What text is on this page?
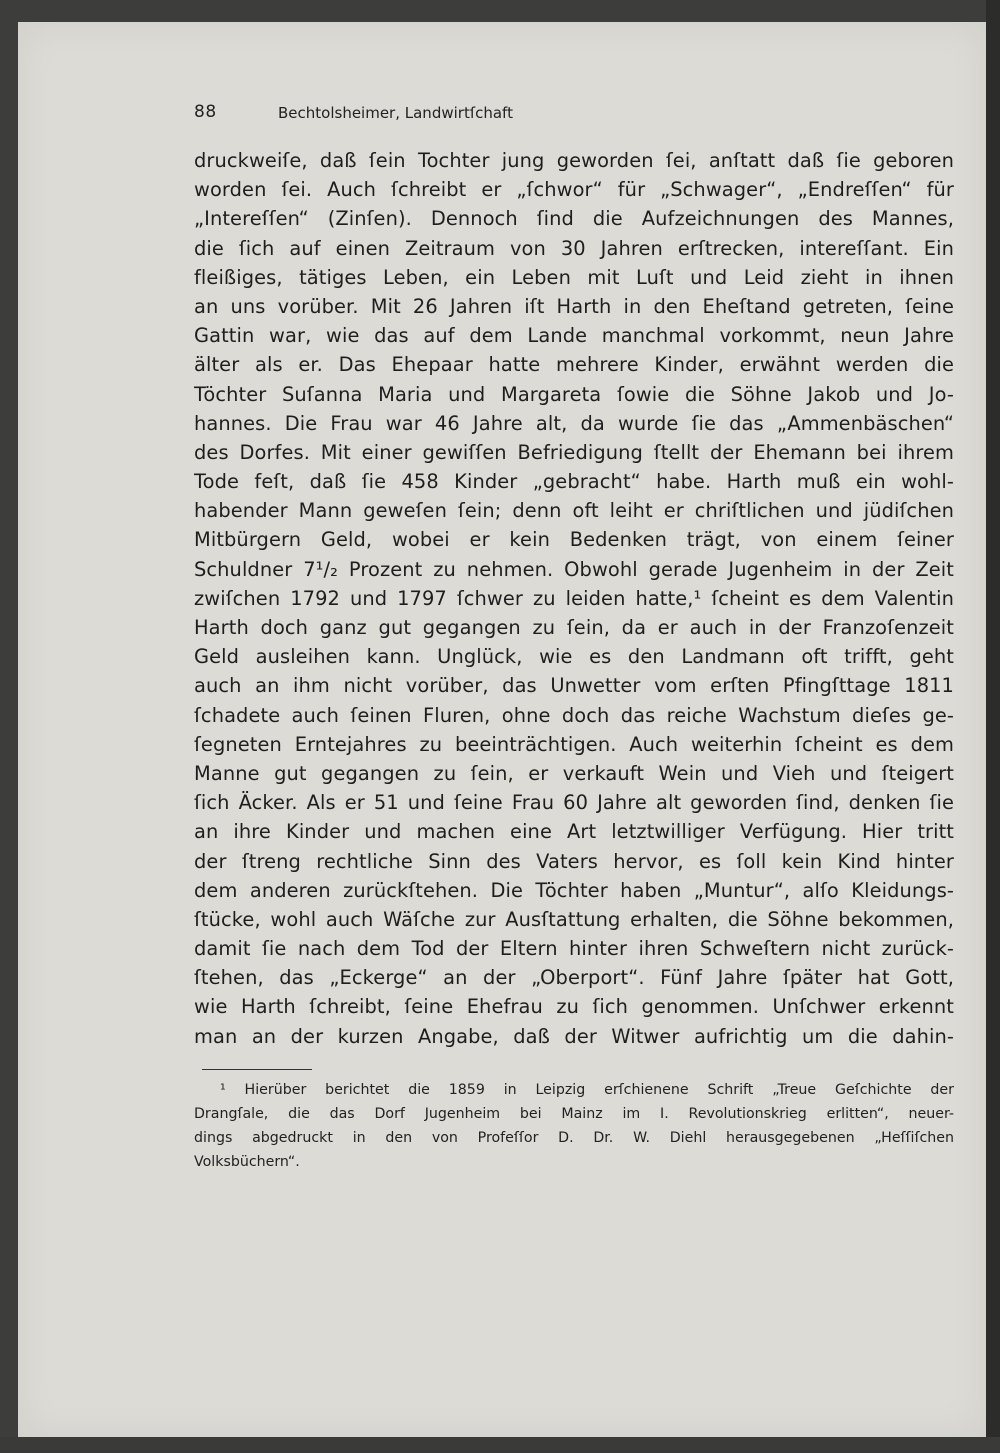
88	Bechtolsheimer, Landwirtſchaft
druckweiſe, daß ſein Tochter jung geworden ſei, anſtatt daß ſie geboren
worden ſei. Auch ſchreibt er „ſchwor“ für „Schwager“, „Endreſſen“ für
„Intereſſen“ (Zinſen). Dennoch ſind die Aufzeichnungen des Mannes,
die ſich auf einen Zeitraum von 30 Jahren erſtrecken, intereſſant. Ein
fleißiges, tätiges Leben, ein Leben mit Luſt und Leid zieht in ihnen
an uns vorüber. Mit 26 Jahren iſt Harth in den Eheſtand getreten, ſeine
Gattin war, wie das auf dem Lande manchmal vorkommt, neun Jahre
älter als er. Das Ehepaar hatte mehrere Kinder, erwähnt werden die
Töchter Suſanna Maria und Margareta ſowie die Söhne Jakob und Jo-
hannes. Die Frau war 46 Jahre alt, da wurde ſie das „Ammenbäschen“
des Dorfes. Mit einer gewiſſen Befriedigung ſtellt der Ehemann bei ihrem
Tode feſt, daß ſie 458 Kinder „gebracht“ habe. Harth muß ein wohl-
habender Mann geweſen ſein; denn oft leiht er chriſtlichen und jüdiſchen
Mitbürgern Geld, wobei er kein Bedenken trägt, von einem ſeiner
Schuldner 7¹/₂ Prozent zu nehmen. Obwohl gerade Jugenheim in der Zeit
zwiſchen 1792 und 1797 ſchwer zu leiden hatte,¹ ſcheint es dem Valentin
Harth doch ganz gut gegangen zu ſein, da er auch in der Franzoſenzeit
Geld ausleihen kann. Unglück, wie es den Landmann oft trifft, geht
auch an ihm nicht vorüber, das Unwetter vom erſten Pfingſttage 1811
ſchadete auch ſeinen Fluren, ohne doch das reiche Wachstum dieſes ge-
ſegneten Erntejahres zu beeinträchtigen. Auch weiterhin ſcheint es dem
Manne gut gegangen zu ſein, er verkauft Wein und Vieh und ſteigert
ſich Äcker. Als er 51 und ſeine Frau 60 Jahre alt geworden ſind, denken ſie
an ihre Kinder und machen eine Art letztwilliger Verfügung. Hier tritt
der ſtreng rechtliche Sinn des Vaters hervor, es ſoll kein Kind hinter
dem anderen zurückſtehen. Die Töchter haben „Muntur“, alſo Kleidungs-
ſtücke, wohl auch Wäſche zur Ausſtattung erhalten, die Söhne bekommen,
damit ſie nach dem Tod der Eltern hinter ihren Schweſtern nicht zurück-
ſtehen, das „Eckerge“ an der „Oberport“. Fünf Jahre ſpäter hat Gott,
wie Harth ſchreibt, ſeine Ehefrau zu ſich genommen. Unſchwer erkennt
man an der kurzen Angabe, daß der Witwer aufrichtig um die dahin-
¹ Hierüber berichtet die 1859 in Leipzig erſchienene Schrift „Treue Geſchichte der
Drangſale, die das Dorf Jugenheim bei Mainz im I. Revolutionskrieg erlitten“, neuer-
dings abgedruckt in den von Profeſſor D. Dr. W. Diehl herausgegebenen „Heſſiſchen
Volksbüchern“.
